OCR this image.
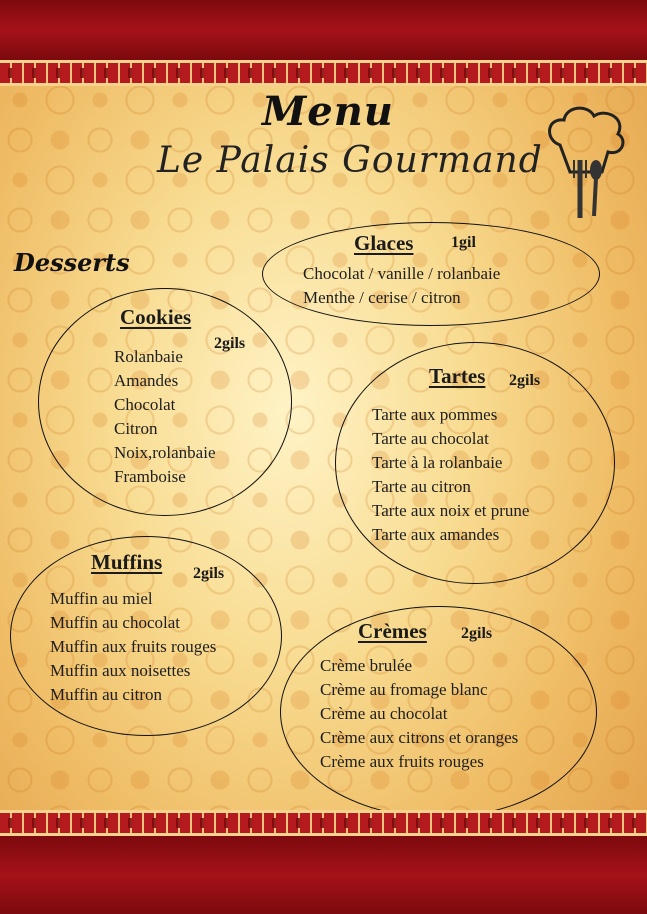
Menu
Le Palais Gourmand
Desserts
Glaces 1gil
Chocolat / vanille / rolanbaie
Menthe / cerise / citron
Cookies
2gils
Rolanbaie
Amandes
Chocolat
Citron
Noix,rolanbaie
Framboise
Tartes 2gils
Tarte aux pommes
Tarte au chocolat
Tarte à la rolanbaie
Tarte au citron
Tarte aux noix et prune
Tarte aux amandes
Muffins 2gils
Muffin au miel
Muffin au chocolat
Muffin aux fruits rouges
Muffin aux noisettes
Muffin au citron
Crèmes 2gils
Crème brulée
Crème au fromage blanc
Crème au chocolat
Crème aux citrons et oranges
Crème aux fruits rouges
